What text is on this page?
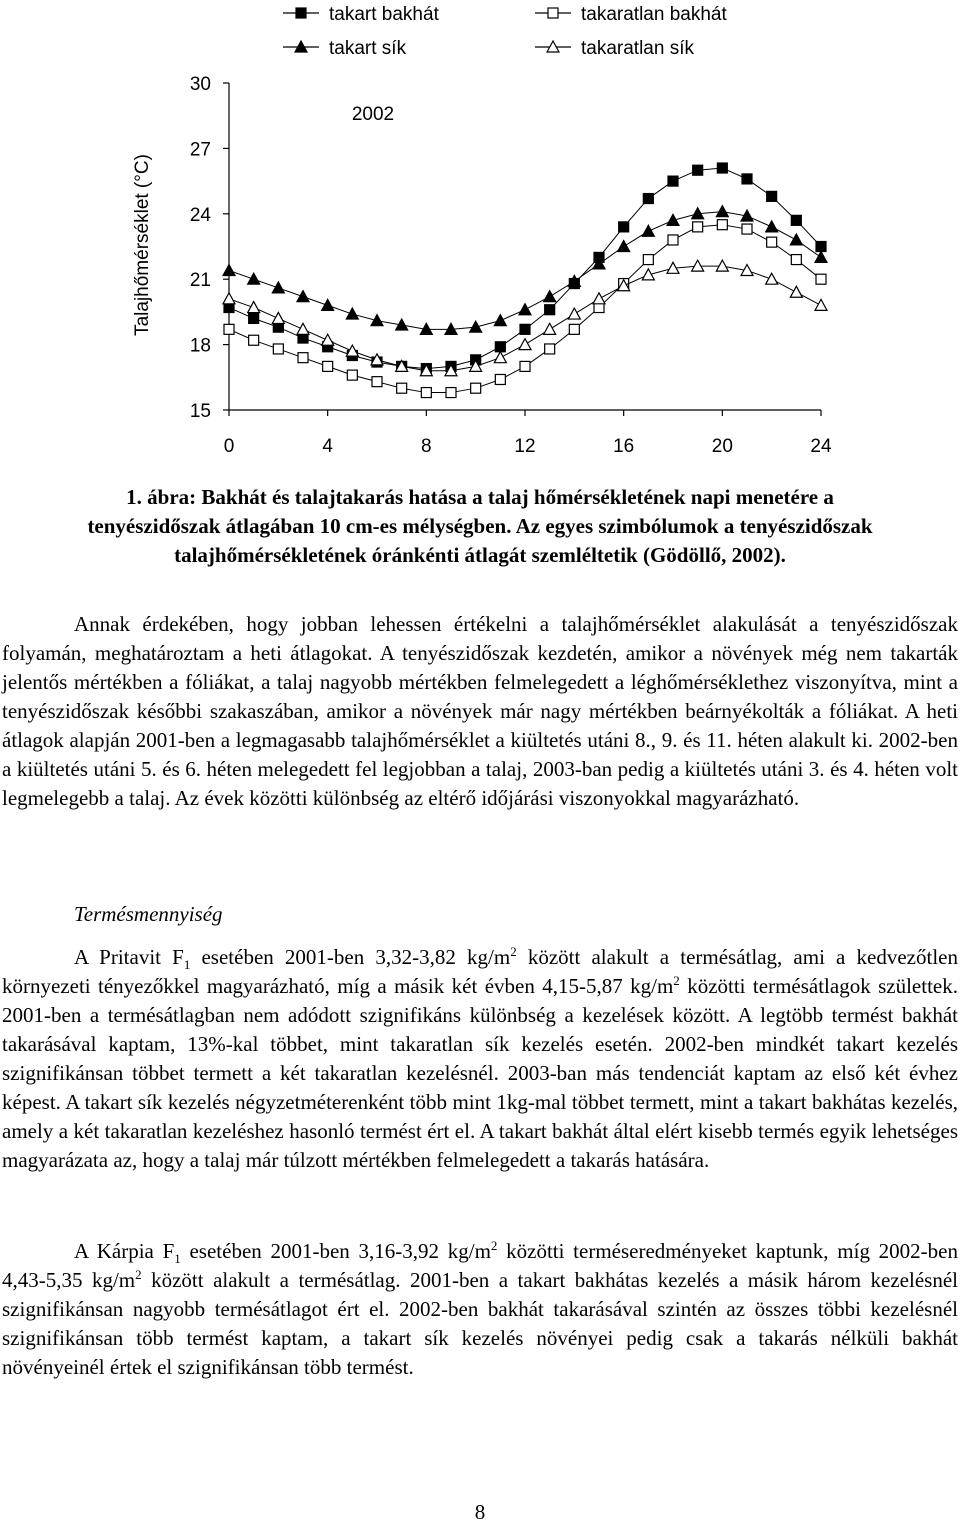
takart bakhát	takaratlan bakhát
takart sík	takaratlan sík
2002
Talajhőmérséklet (°C)
15
18
21
24
27
30
0	4	8	12	16	20	24
1. ábra: Bakhát és talajtakarás hatása a talaj hőmérsékletének napi menetére a
tenyészidőszak átlagában 10 cm-es mélységben. Az egyes szimbólumok a tenyészidőszak
talajhőmérsékletének óránkénti átlagát szemléltetik (Gödöllő, 2002).

Annak érdekében, hogy jobban lehessen értékelni a talajhőmérséklet alakulását a tenyészidőszak folyamán, meghatároztam a heti átlagokat. A tenyészidőszak kezdetén, amikor a növények még nem takarták jelentős mértékben a fóliákat, a talaj nagyobb mértékben felmelegedett a léghőmérséklethez viszonyítva, mint a tenyészidőszak későbbi szakaszában, amikor a növények már nagy mértékben beárnyékolták a fóliákat. A heti átlagok alapján 2001-ben a legmagasabb talajhőmérséklet a kiültetés utáni 8., 9. és 11. héten alakult ki. 2002-ben a kiültetés utáni 5. és 6. héten melegedett fel legjobban a talaj, 2003-ban pedig a kiültetés utáni 3. és 4. héten volt legmelegebb a talaj. Az évek közötti különbség az eltérő időjárási viszonyokkal magyarázható.

Termésmennyiség

A Pritavit $F_1$ esetében 2001-ben 3,32-3,82 $kg/m^2$ között alakult a termésátlag, ami a kedvezőtlen környezeti tényezőkkel magyarázható, míg a másik két évben 4,15-5,87 $kg/m^2$ közötti termésátlagok születtek. 2001-ben a termésátlagban nem adódott szignifikáns különbség a kezelések között. A legtöbb termést bakhát takarásával kaptam, 13%-kal többet, mint takaratlan sík kezelés esetén. 2002-ben mindkét takart kezelés szignifikánsan többet termett a két takaratlan kezelésnél. 2003-ban más tendenciát kaptam az első két évhez képest. A takart sík kezelés négyzetméterenként több mint 1kg-mal többet termett, mint a takart bakhátas kezelés, amely a két takaratlan kezeléshez hasonló termést ért el. A takart bakhát által elért kisebb termés egyik lehetséges magyarázata az, hogy a talaj már túlzott mértékben felmelegedett a takarás hatására.

A Kárpia $F_1$ esetében 2001-ben 3,16-3,92 $kg/m^2$ közötti terméseredményeket kaptunk, míg 2002-ben 4,43-5,35 $kg/m^2$ között alakult a termésátlag. 2001-ben a takart bakhátas kezelés a másik három kezelésnél szignifikánsan nagyobb termésátlagot ért el. 2002-ben bakhát takarásával szintén az összes többi kezelésnél szignifikánsan több termést kaptam, a takart sík kezelés növényei pedig csak a takarás nélküli bakhát növényeinél értek el szignifikánsan több termést.

8
